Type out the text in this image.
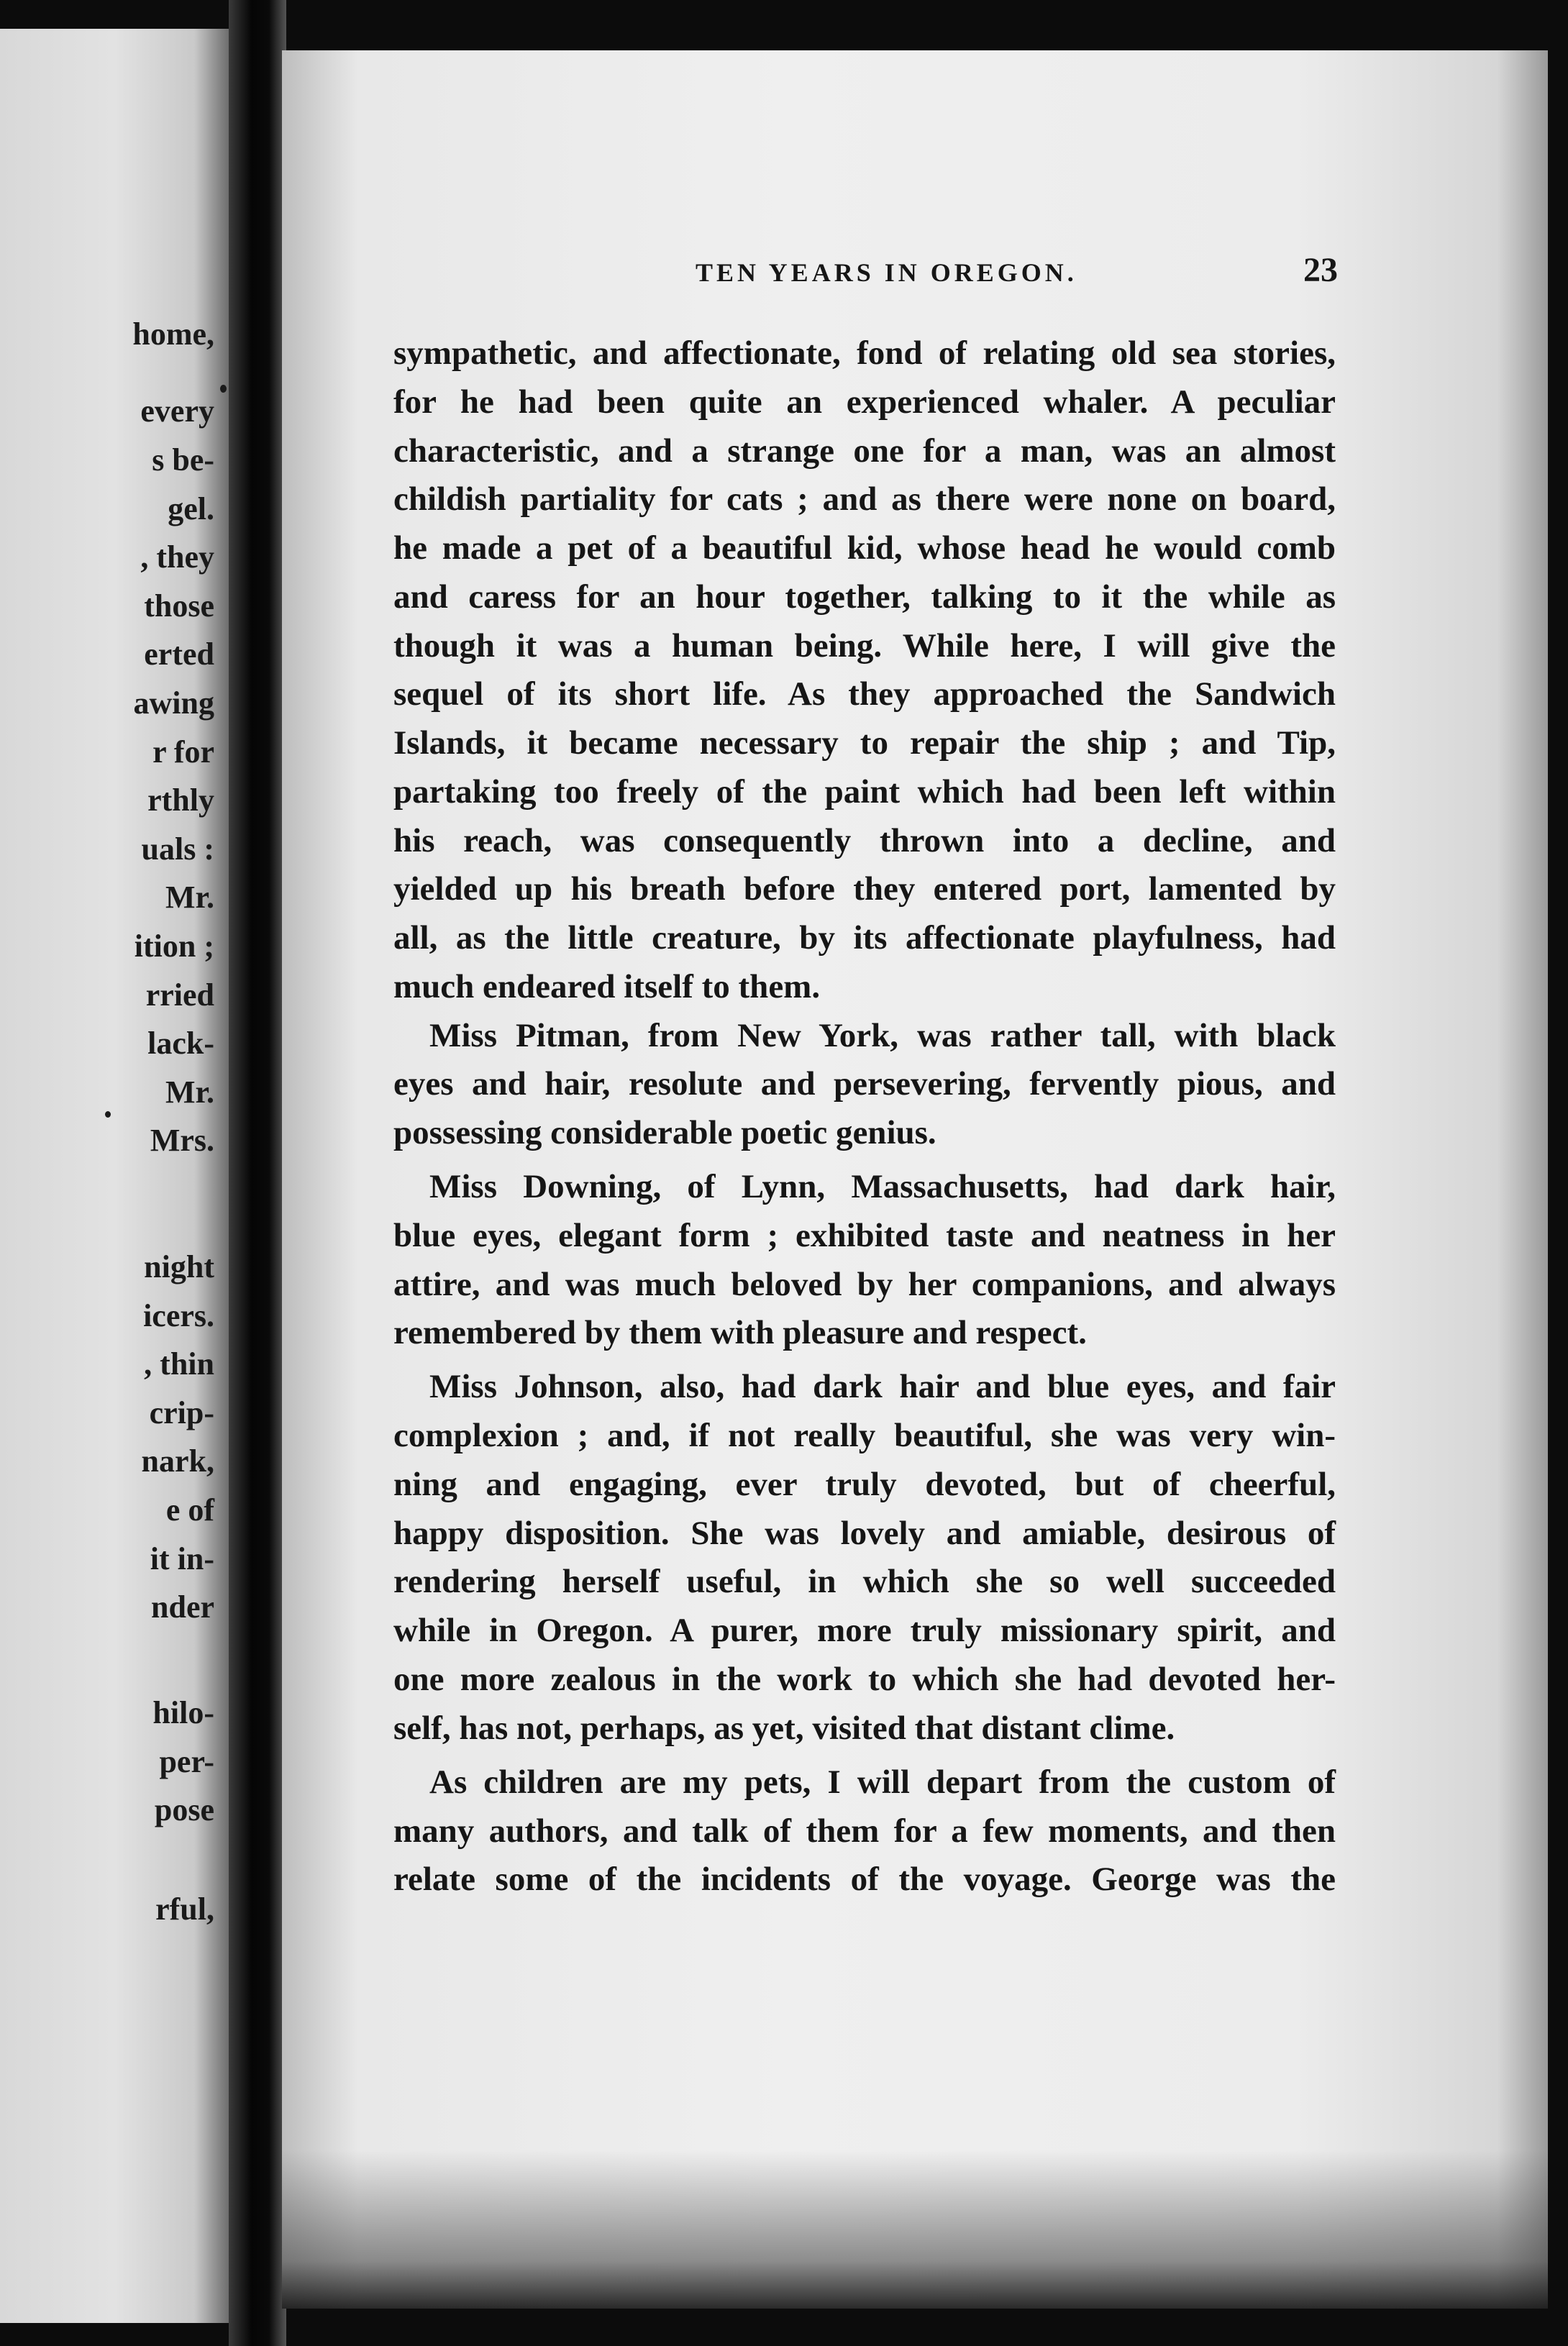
home,
every
s be-
gel.
, they
those
erted
awing
r for
rthly
uals :
Mr.
ition ;
rried
lack-
Mr.
Mrs.
night
icers.
, thin
crip-
nark,
e of
it in-
nder
hilo-
per-
pose
rful,
TEN YEARS IN OREGON.	23
sympathetic, and affectionate, fond of relating old sea stories,
for he had been quite an experienced whaler. A peculiar
characteristic, and a strange one for a man, was an almost
childish partiality for cats ; and as there were none on board,
he made a pet of a beautiful kid, whose head he would comb
and caress for an hour together, talking to it the while as
though it was a human being. While here, I will give the
sequel of its short life. As they approached the Sandwich
Islands, it became necessary to repair the ship ; and Tip,
partaking too freely of the paint which had been left within
his reach, was consequently thrown into a decline, and
yielded up his breath before they entered port, lamented by
all, as the little creature, by its affectionate playfulness, had
much endeared itself to them.
Miss Pitman, from New York, was rather tall, with black
eyes and hair, resolute and persevering, fervently pious, and
possessing considerable poetic genius.
Miss Downing, of Lynn, Massachusetts, had dark hair,
blue eyes, elegant form ; exhibited taste and neatness in her
attire, and was much beloved by her companions, and always
remembered by them with pleasure and respect.
Miss Johnson, also, had dark hair and blue eyes, and fair
complexion ; and, if not really beautiful, she was very win-
ning and engaging, ever truly devoted, but of cheerful,
happy disposition. She was lovely and amiable, desirous of
rendering herself useful, in which she so well succeeded
while in Oregon. A purer, more truly missionary spirit, and
one more zealous in the work to which she had devoted her-
self, has not, perhaps, as yet, visited that distant clime.
As children are my pets, I will depart from the custom of
many authors, and talk of them for a few moments, and then
relate some of the incidents of the voyage. George was the
